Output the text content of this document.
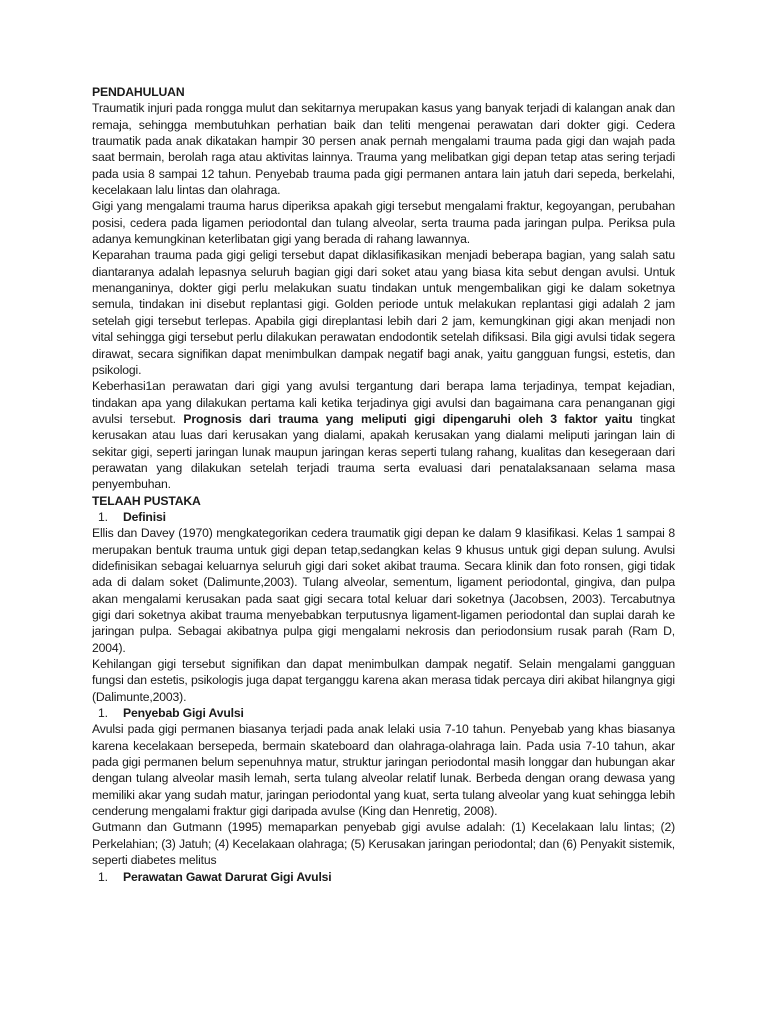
PENDAHULUAN

Traumatik injuri pada rongga mulut dan sekitarnya merupakan kasus yang banyak terjadi di kalangan anak dan remaja, sehingga membutuhkan perhatian baik dan teliti mengenai perawatan dari dokter gigi. Cedera traumatik pada anak dikatakan hampir 30 persen anak pernah mengalami trauma pada gigi dan wajah pada saat bermain, berolah raga atau aktivitas lainnya. Trauma yang melibatkan gigi depan tetap atas sering terjadi pada usia 8 sampai 12 tahun. Penyebab trauma pada gigi permanen antara lain jatuh dari sepeda, berkelahi, kecelakaan lalu lintas dan olahraga.

Gigi yang mengalami trauma harus diperiksa apakah gigi tersebut mengalami fraktur, kegoyangan, perubahan posisi, cedera pada ligamen periodontal dan tulang alveolar, serta trauma pada jaringan pulpa. Periksa pula adanya kemungkinan keterlibatan gigi yang berada di rahang lawannya.

Keparahan trauma pada gigi geligi tersebut dapat diklasifikasikan menjadi beberapa bagian, yang salah satu diantaranya adalah lepasnya seluruh bagian gigi dari soket atau yang biasa kita sebut dengan avulsi. Untuk menanganinya, dokter gigi perlu melakukan suatu tindakan untuk mengembalikan gigi ke dalam soketnya semula, tindakan ini disebut replantasi gigi. Golden periode untuk melakukan replantasi gigi adalah 2 jam setelah gigi tersebut terlepas. Apabila gigi direplantasi lebih dari 2 jam, kemungkinan gigi akan menjadi non vital sehingga gigi tersebut perlu dilakukan perawatan endodontik setelah difiksasi. Bila gigi avulsi tidak segera dirawat, secara signifikan dapat menimbulkan dampak negatif bagi anak, yaitu gangguan fungsi, estetis, dan psikologi.

Keberhasi1an perawatan dari gigi yang avulsi tergantung dari berapa lama terjadinya, tempat kejadian, tindakan apa yang dilakukan pertama kali ketika terjadinya gigi avulsi dan bagaimana cara penanganan gigi avulsi tersebut. Prognosis dari trauma yang meliputi gigi dipengaruhi oleh 3 faktor yaitu tingkat kerusakan atau luas dari kerusakan yang dialami, apakah kerusakan yang dialami meliputi jaringan lain di sekitar gigi, seperti jaringan lunak maupun jaringan keras seperti tulang rahang, kualitas dan kesegeraan dari perawatan yang dilakukan setelah terjadi trauma serta evaluasi dari penatalaksanaan selama masa penyembuhan.

TELAAH PUSTAKA

1. Definisi

Ellis dan Davey (1970) mengkategorikan cedera traumatik gigi depan ke dalam 9 klasifikasi. Kelas 1 sampai 8 merupakan bentuk trauma untuk gigi depan tetap,sedangkan kelas 9 khusus untuk gigi depan sulung. Avulsi didefinisikan sebagai keluarnya seluruh gigi dari soket akibat trauma. Secara klinik dan foto ronsen, gigi tidak ada di dalam soket (Dalimunte,2003). Tulang alveolar, sementum, ligament periodontal, gingiva, dan pulpa akan mengalami kerusakan pada saat gigi secara total keluar dari soketnya (Jacobsen, 2003). Tercabutnya gigi dari soketnya akibat trauma menyebabkan terputusnya ligament-ligamen periodontal dan suplai darah ke jaringan pulpa. Sebagai akibatnya pulpa gigi mengalami nekrosis dan periodonsium rusak parah (Ram D, 2004).

Kehilangan gigi tersebut signifikan dan dapat menimbulkan dampak negatif. Selain mengalami gangguan fungsi dan estetis, psikologis juga dapat terganggu karena akan merasa tidak percaya diri akibat hilangnya gigi (Dalimunte,2003).

1. Penyebab Gigi Avulsi

Avulsi pada gigi permanen biasanya terjadi pada anak lelaki usia 7-10 tahun. Penyebab yang khas biasanya karena kecelakaan bersepeda, bermain skateboard dan olahraga-olahraga lain. Pada usia 7-10 tahun, akar pada gigi permanen belum sepenuhnya matur, struktur jaringan periodontal masih longgar dan hubungan akar dengan tulang alveolar masih lemah, serta tulang alveolar relatif lunak. Berbeda dengan orang dewasa yang memiliki akar yang sudah matur, jaringan periodontal yang kuat, serta tulang alveolar yang kuat sehingga lebih cenderung mengalami fraktur gigi daripada avulse (King dan Henretig, 2008).

Gutmann dan Gutmann (1995) memaparkan penyebab gigi avulse adalah: (1) Kecelakaan lalu lintas; (2) Perkelahian; (3) Jatuh; (4) Kecelakaan olahraga; (5) Kerusakan jaringan periodontal; dan (6) Penyakit sistemik, seperti diabetes melitus

1. Perawatan Gawat Darurat Gigi Avulsi
